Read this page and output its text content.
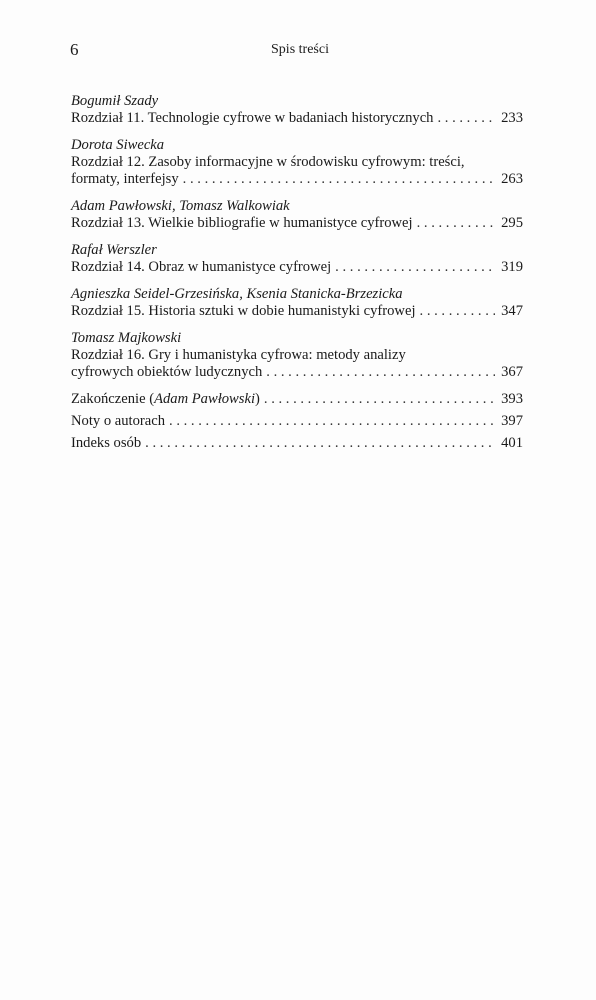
6	Spis treści
Bogumił Szady
Rozdział 11. Technologie cyfrowe w badaniach historycznych . . .	233
Dorota Siwecka
Rozdział 12. Zasoby informacyjne w środowisku cyfrowym: treści,
formaty, interfejsy . . .	263
Adam Pawłowski, Tomasz Walkowiak
Rozdział 13. Wielkie bibliografie w humanistyce cyfrowej . . .	295
Rafał Werszler
Rozdział 14. Obraz w humanistyce cyfrowej . . .	319
Agnieszka Seidel-Grzesińska, Ksenia Stanicka-Brzezicka
Rozdział 15. Historia sztuki w dobie humanistyki cyfrowej . . .	347
Tomasz Majkowski
Rozdział 16. Gry i humanistyka cyfrowa: metody analizy
cyfrowych obiektów ludycznych . . .	367
Zakończenie (Adam Pawłowski) . . .	393
Noty o autorach . . .	397
Indeks osób . . .	401
